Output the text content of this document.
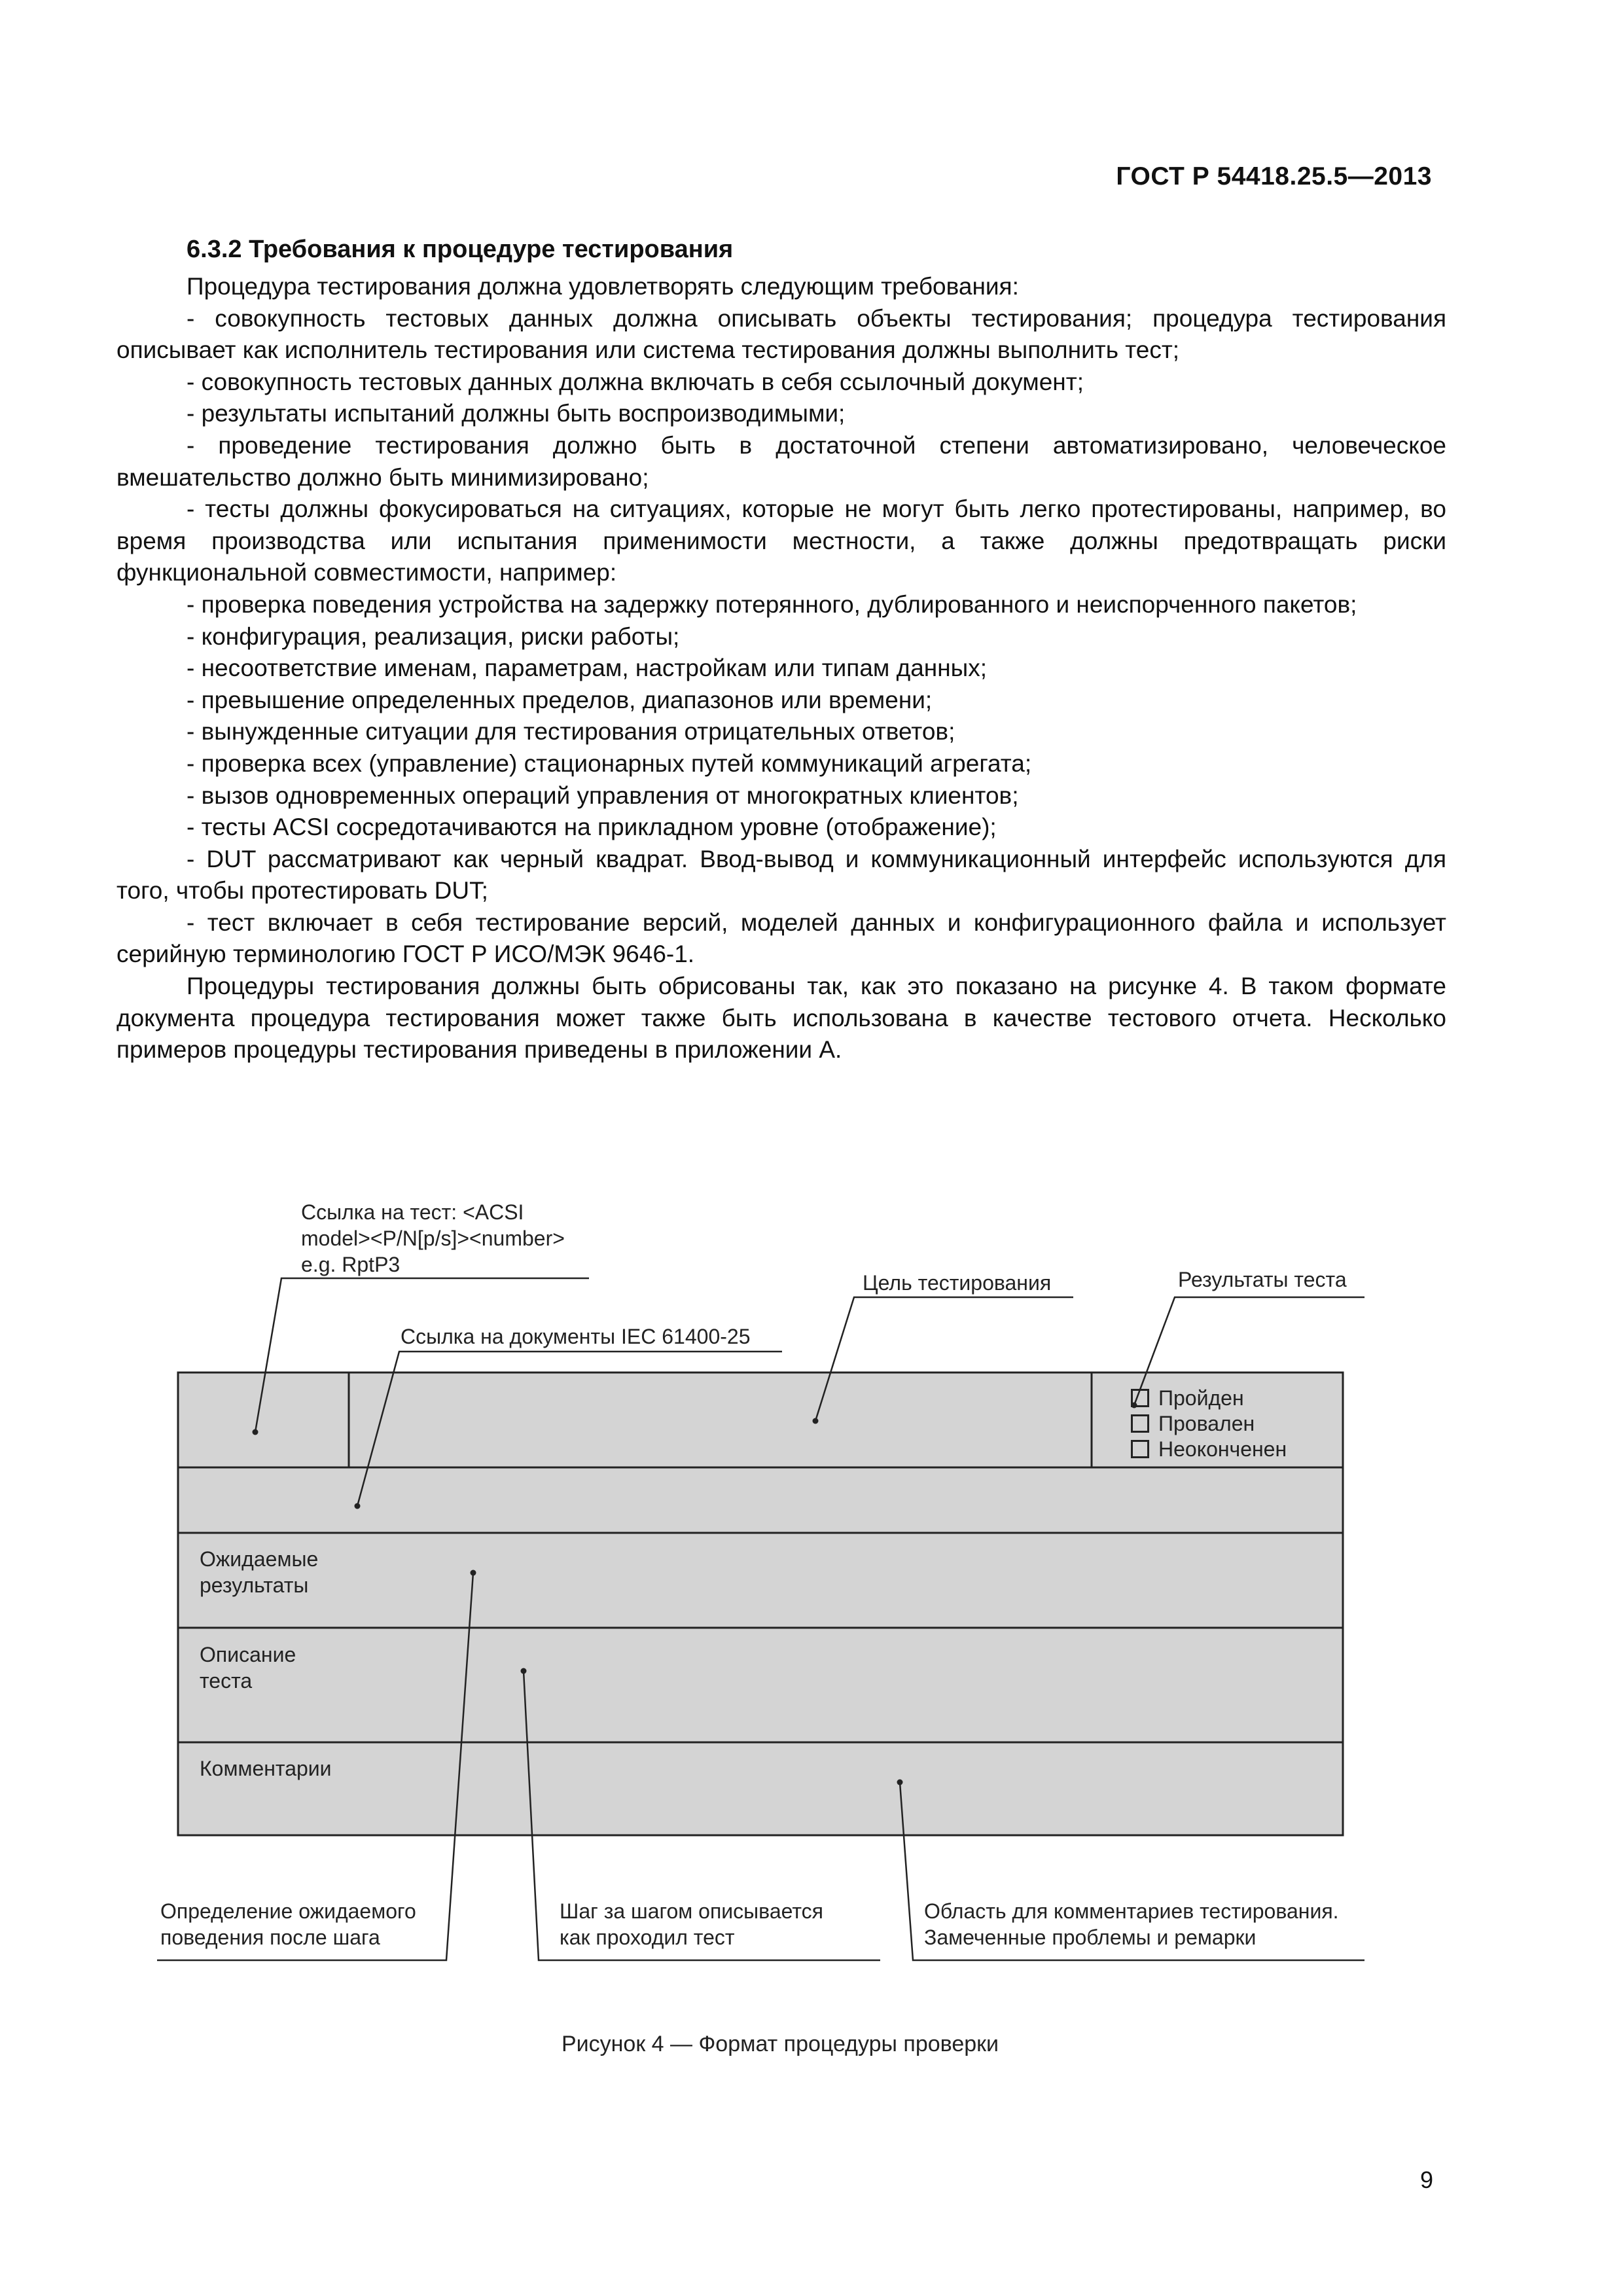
ГОСТ Р 54418.25.5—2013
6.3.2 Требования к процедуре тестирования

Процедура тестирования должна удовлетворять следующим требования:

- совокупность тестовых данных должна описывать объекты тестирования; процедура тестирования описывает как исполнитель тестирования или система тестирования должны выполнить тест;

- совокупность тестовых данных должна включать в себя ссылочный документ;

- результаты испытаний должны быть воспроизводимыми;

- проведение тестирования должно быть в достаточной степени автоматизировано, человеческое вмешательство должно быть минимизировано;

- тесты должны фокусироваться на ситуациях, которые не могут быть легко протестированы, например, во время производства или испытания применимости местности, а также должны предотвращать риски функциональной совместимости, например:

- проверка поведения устройства на задержку потерянного, дублированного и неиспорченного пакетов;

- конфигурация, реализация, риски работы;

- несоответствие именам, параметрам, настройкам или типам данных;

- превышение определенных пределов, диапазонов или времени;

- вынужденные ситуации для тестирования отрицательных ответов;

- проверка всех (управление) стационарных путей коммуникаций агрегата;

- вызов одновременных операций управления от многократных клиентов;

- тесты ACSI сосредотачиваются на прикладном уровне (отображение);

- DUT рассматривают как черный квадрат. Ввод-вывод и коммуникационный интерфейс используются для того, чтобы протестировать DUT;

- тест включает в себя тестирование версий, моделей данных и конфигурационного файла и использует серийную терминологию ГОСТ Р ИСО/МЭК 9646-1.

Процедуры тестирования должны быть обрисованы так, как это показано на рисунке 4. В таком формате документа процедура тестирования может также быть использована в качестве тестового отчета. Несколько примеров процедуры тестирования приведены в приложении А.

Ссылка на тест: <ACSI
model><P/N[p/s]><number>
e.g. RptP3
Ссылка на документы IEC 61400-25
Цель тестирования	Результаты теста
Пройден
Провален
Неоконченен
Ожидаемые
результаты
Описание
теста
Комментарии
Определение ожидаемого
поведения после шага
Шаг за шагом описывается
как проходил тест
Область для комментариев тестирования.
Замеченные проблемы и ремарки
Рисунок 4 — Формат процедуры проверки
9
